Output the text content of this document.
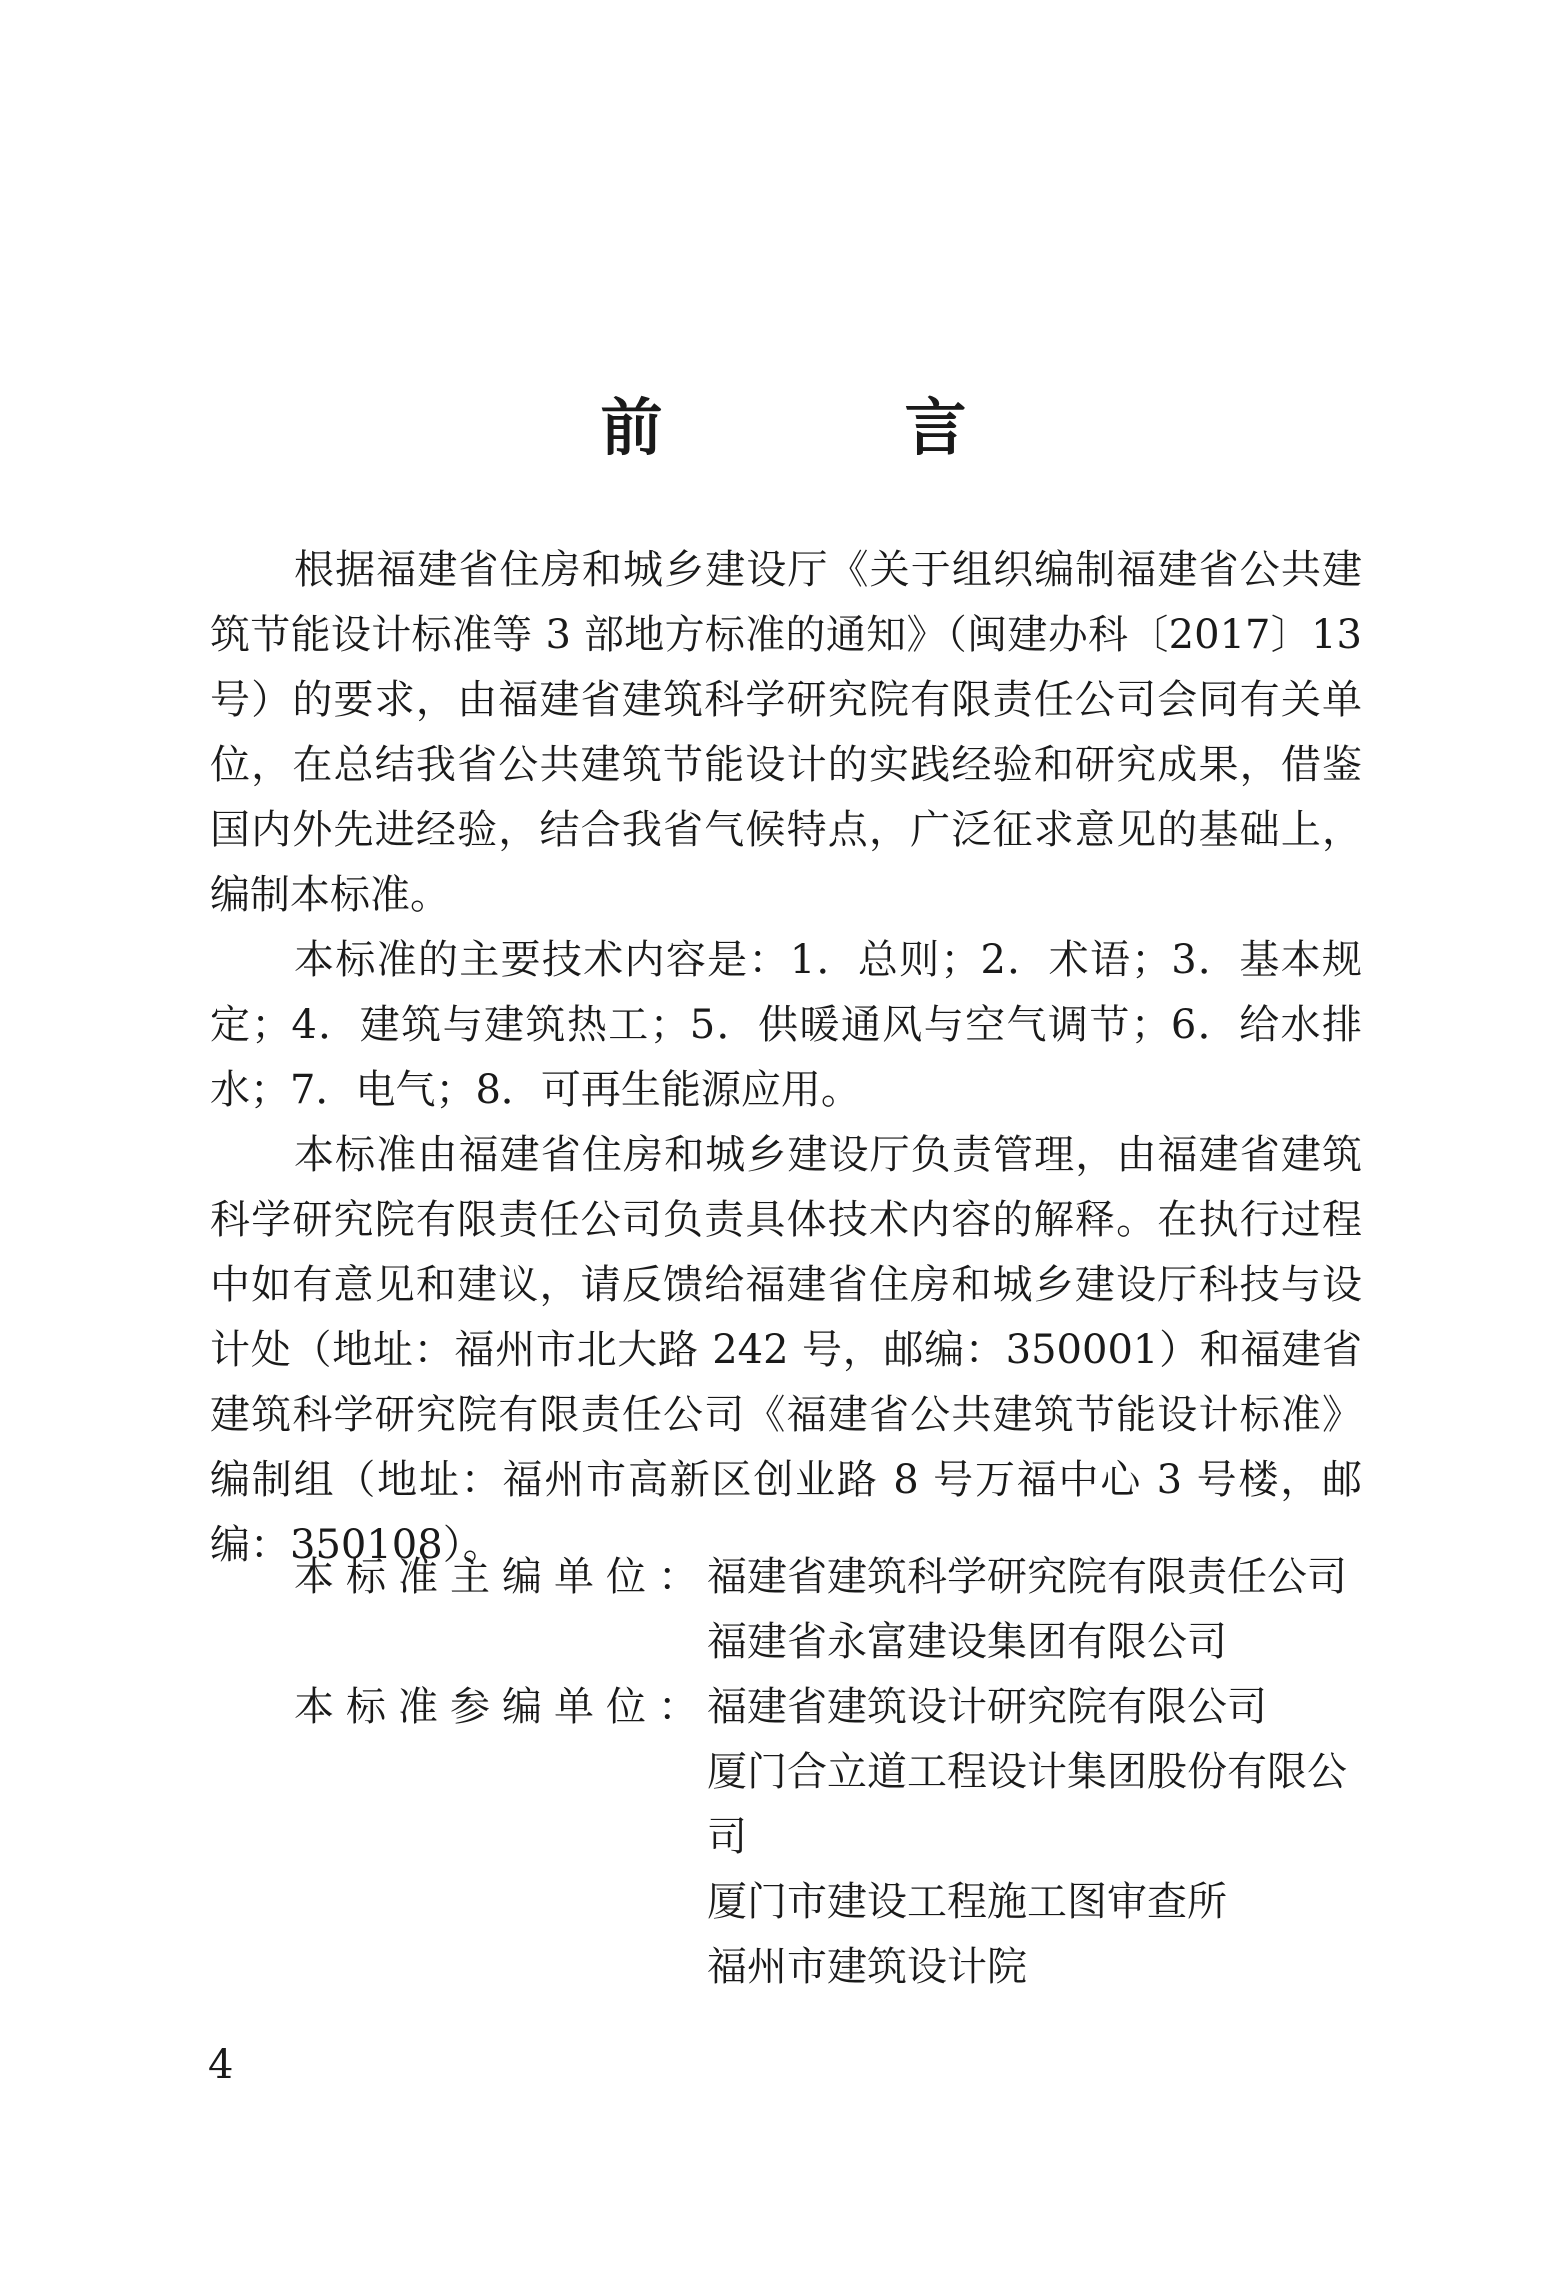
前　言

根据福建省住房和城乡建设厅《关于组织编制福建省公共建筑节能设计标准等 3 部地方标准的通知》（闽建办科〔2017〕13 号）的要求，由福建省建筑科学研究院有限责任公司会同有关单位，在总结我省公共建筑节能设计的实践经验和研究成果，借鉴国内外先进经验，结合我省气候特点，广泛征求意见的基础上，编制本标准。

本标准的主要技术内容是：1．总则；2．术语；3．基本规定；4．建筑与建筑热工；5．供暖通风与空气调节；6．给水排水；7．电气；8．可再生能源应用。

本标准由福建省住房和城乡建设厅负责管理，由福建省建筑科学研究院有限责任公司负责具体技术内容的解释。在执行过程中如有意见和建议，请反馈给福建省住房和城乡建设厅科技与设计处（地址：福州市北大路 242 号，邮编：350001）和福建省建筑科学研究院有限责任公司《福建省公共建筑节能设计标准》编制组（地址：福州市高新区创业路 8 号万福中心 3 号楼，邮编：350108）。

本标准主编单位：
福建省建筑科学研究院有限责任公司
福建省永富建设集团有限公司
本标准参编单位：
福建省建筑设计研究院有限公司
厦门合立道工程设计集团股份有限公司
厦门市建设工程施工图审查所
福州市建筑设计院
4
